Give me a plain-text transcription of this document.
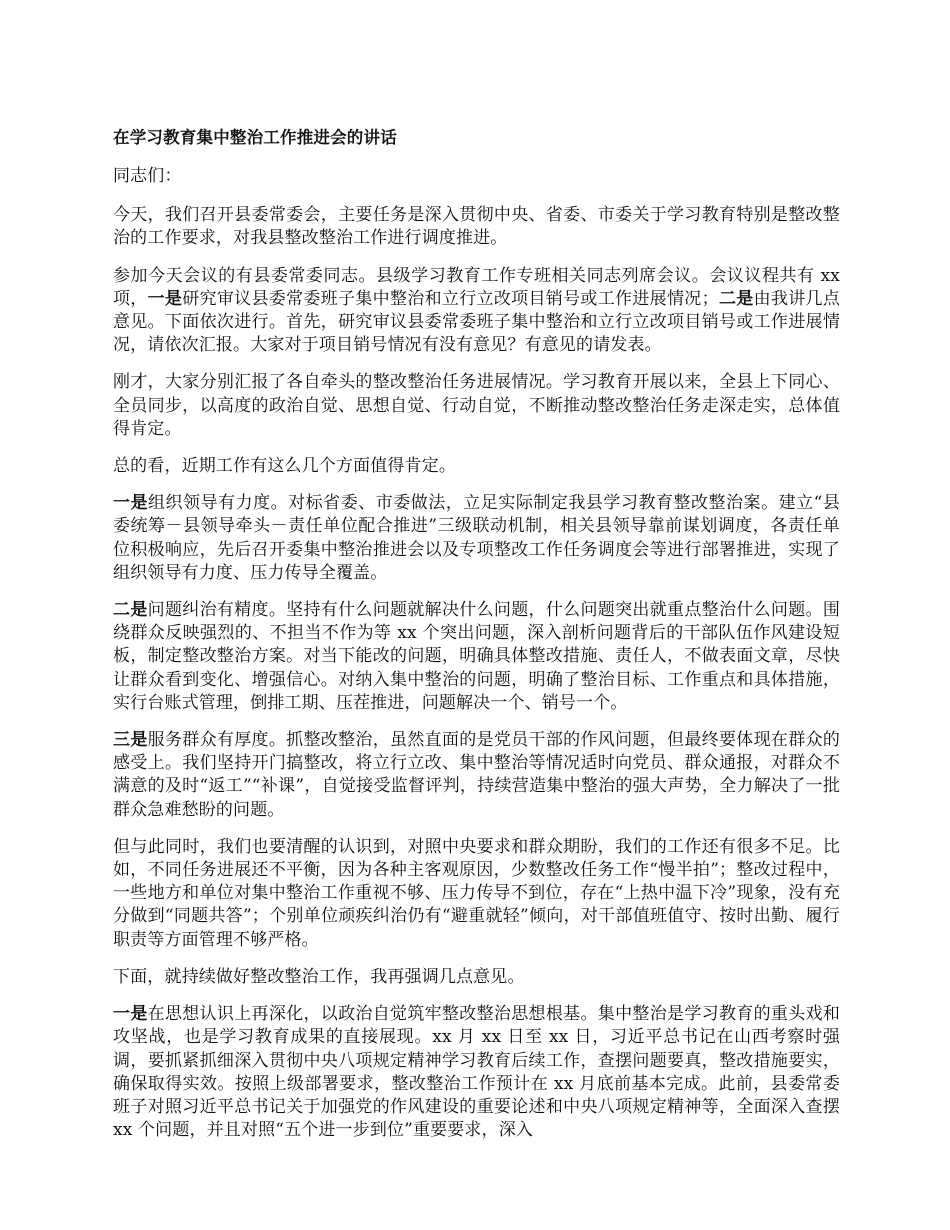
在学习教育集中整治工作推进会的讲话

同志们：

今天，我们召开县委常委会，主要任务是深入贯彻中央、省委、市委关于学习教育特别是整改整治的工作要求，对我县整改整治工作进行调度推进。

参加今天会议的有县委常委同志。县级学习教育工作专班相关同志列席会议。会议议程共有 xx 项，一是研究审议县委常委班子集中整治和立行立改项目销号或工作进展情况；二是由我讲几点意见。下面依次进行。首先，研究审议县委常委班子集中整治和立行立改项目销号或工作进展情况，请依次汇报。大家对于项目销号情况有没有意见？有意见的请发表。

刚才，大家分别汇报了各自牵头的整改整治任务进展情况。学习教育开展以来，全县上下同心、全员同步，以高度的政治自觉、思想自觉、行动自觉，不断推动整改整治任务走深走实，总体值得肯定。

总的看，近期工作有这么几个方面值得肯定。

一是组织领导有力度。对标省委、市委做法，立足实际制定我县学习教育整改整治案。建立“县委统筹－县领导牵头－责任单位配合推进”三级联动机制，相关县领导靠前谋划调度，各责任单位积极响应，先后召开委集中整治推进会以及专项整改工作任务调度会等进行部署推进，实现了组织领导有力度、压力传导全覆盖。

二是问题纠治有精度。坚持有什么问题就解决什么问题，什么问题突出就重点整治什么问题。围绕群众反映强烈的、不担当不作为等 xx 个突出问题，深入剖析问题背后的干部队伍作风建设短板，制定整改整治方案。对当下能改的问题，明确具体整改措施、责任人，不做表面文章，尽快让群众看到变化、增强信心。对纳入集中整治的问题，明确了整治目标、工作重点和具体措施，实行台账式管理，倒排工期、压茬推进，问题解决一个、销号一个。

三是服务群众有厚度。抓整改整治，虽然直面的是党员干部的作风问题，但最终要体现在群众的感受上。我们坚持开门搞整改，将立行立改、集中整治等情况适时向党员、群众通报，对群众不满意的及时“返工”“补课”，自觉接受监督评判，持续营造集中整治的强大声势，全力解决了一批群众急难愁盼的问题。

但与此同时，我们也要清醒的认识到，对照中央要求和群众期盼，我们的工作还有很多不足。比如，不同任务进展还不平衡，因为各种主客观原因，少数整改任务工作“慢半拍”；整改过程中，一些地方和单位对集中整治工作重视不够、压力传导不到位，存在“上热中温下冷”现象，没有充分做到“同题共答”；个别单位顽疾纠治仍有“避重就轻”倾向，对干部值班值守、按时出勤、履行职责等方面管理不够严格。

下面，就持续做好整改整治工作，我再强调几点意见。

一是在思想认识上再深化，以政治自觉筑牢整改整治思想根基。集中整治是学习教育的重头戏和攻坚战，也是学习教育成果的直接展现。xx 月 xx 日至 xx 日，习近平总书记在山西考察时强调，要抓紧抓细深入贯彻中央八项规定精神学习教育后续工作，查摆问题要真，整改措施要实，确保取得实效。按照上级部署要求，整改整治工作预计在 xx 月底前基本完成。此前，县委常委班子对照习近平总书记关于加强党的作风建设的重要论述和中央八项规定精神等，全面深入查摆 xx 个问题，并且对照“五个进一步到位”重要要求，深入
